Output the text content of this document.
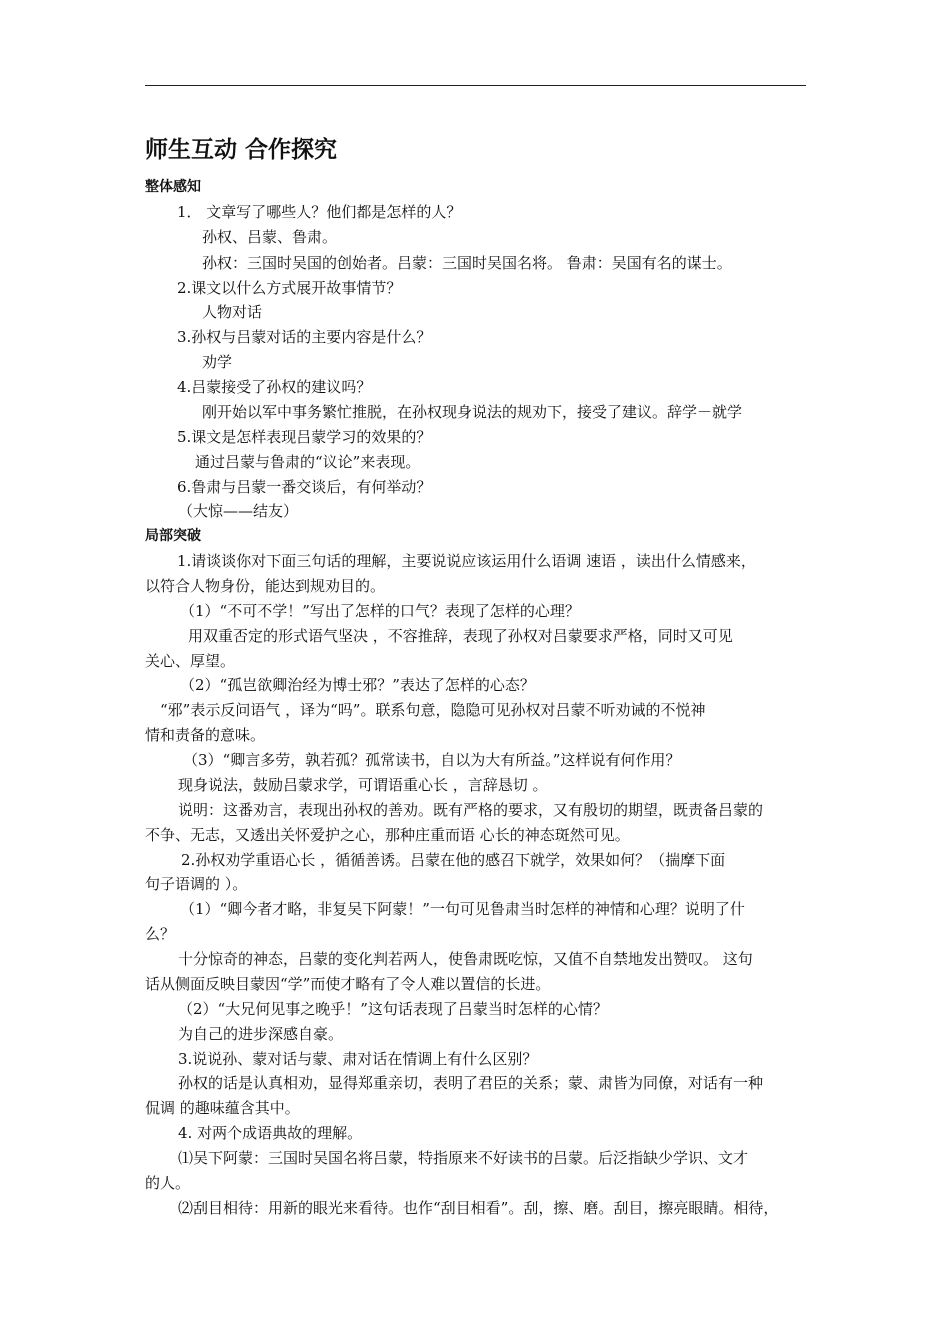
师生互动 合作探究
整体感知
1． 文章写了哪些人？他们都是怎样的人？
孙权、吕蒙、鲁肃。
孙权：三国时吴国的创始者。吕蒙：三国时吴国名将。 鲁肃：吴国有名的谋士。
2.课文以什么方式展开故事情节？
人物对话
3.孙权与吕蒙对话的主要内容是什么？
劝学
4.吕蒙接受了孙权的建议吗？
刚开始以军中事务繁忙推脱，在孙权现身说法的规劝下，接受了建议。辞学－就学
5.课文是怎样表现吕蒙学习的效果的？
通过吕蒙与鲁肃的“议论”来表现。
6.鲁肃与吕蒙一番交谈后，有何举动？
（大惊——结友）
局部突破
1.请谈谈你对下面三句话的理解，主要说说应该运用什么语调 速语 ，读出什么情感来，
以符合人物身份，能达到规劝目的。
（1）“不可不学！”写出了怎样的口气？表现了怎样的心理？
用双重否定的形式语气坚决 ，不容推辞，表现了孙权对吕蒙要求严格，同时又可见
关心、厚望。
（2）“孤岂欲卿治经为博士邪？”表达了怎样的心态？
“邪”表示反问语气 ，译为“吗”。联系句意，隐隐可见孙权对吕蒙不听劝诫的不悦神
情和责备的意味。
（3）“卿言多劳，孰若孤？孤常读书，自以为大有所益。”这样说有何作用？
现身说法，鼓励吕蒙求学，可谓语重心长 ，言辞恳切 。
说明：这番劝言，表现出孙权的善劝。既有严格的要求，又有殷切的期望，既责备吕蒙的
不争、无志，又透出关怀爱护之心，那种庄重而语 心长的神态斑然可见。
2.孙权劝学重语心长 ，循循善诱。吕蒙在他的感召下就学，效果如何？（揣摩下面
句子语调的 ）。
（1）“卿今者才略，非复吴下阿蒙！”一句可见鲁肃当时怎样的神情和心理？说明了什
么？
十分惊奇的神态，吕蒙的变化判若两人，使鲁肃既吃惊，又值不自禁地发出赞叹。 这句
话从侧面反映目蒙因“学”而使才略有了令人难以置信的长进。
（2）“大兄何见事之晚乎！”这句话表现了吕蒙当时怎样的心情？
为自己的进步深感自豪。
3.说说孙、蒙对话与蒙、肃对话在情调上有什么区别？
孙权的话是认真相劝，显得郑重亲切，表明了君臣的关系；蒙、肃皆为同僚，对话有一种
侃调 的趣味蕴含其中。
4. 对两个成语典故的理解。
⑴吴下阿蒙：三国时吴国名将吕蒙，特指原来不好读书的吕蒙。后泛指缺少学识、文才
的人。
⑵刮目相待：用新的眼光来看待。也作“刮目相看”。刮，擦、磨。刮目，擦亮眼睛。相待，
